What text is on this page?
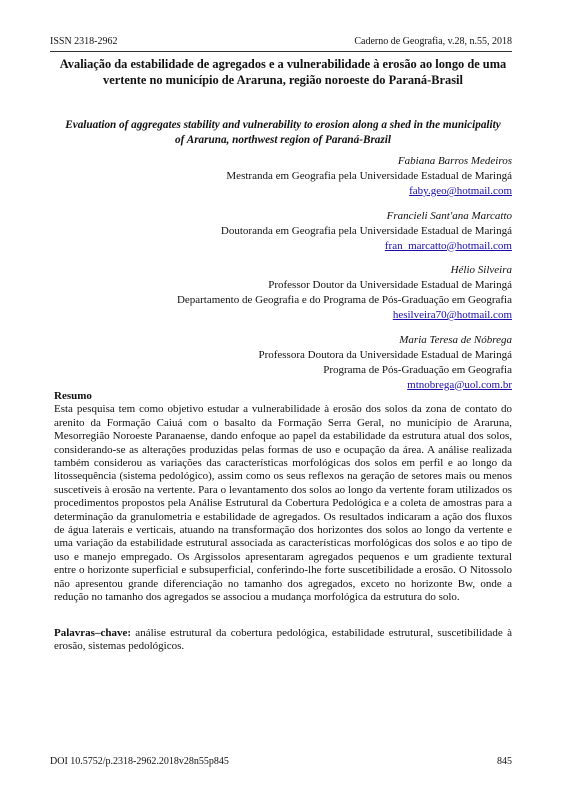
ISSN 2318-2962	Caderno de Geografia, v.28, n.55, 2018
Avaliação da estabilidade de agregados e a vulnerabilidade à erosão ao longo de uma vertente no município de Araruna, região noroeste do Paraná-Brasil
Evaluation of aggregates stability and vulnerability to erosion along a shed in the municipality of Araruna, northwest region of Paraná-Brazil
Fabiana Barros Medeiros
Mestranda em Geografia pela Universidade Estadual de Maringá
faby.geo@hotmail.com
Francieli Sant'ana Marcatto
Doutoranda em Geografia pela Universidade Estadual de Maringá
fran_marcatto@hotmail.com
Hélio Silveira
Professor Doutor da Universidade Estadual de Maringá
Departamento de Geografia e do Programa de Pós-Graduação em Geografia
hesilveira70@hotmail.com
Maria Teresa de Nóbrega
Professora Doutora da Universidade Estadual de Maringá
Programa de Pós-Graduação em Geografia
mtnobrega@uol.com.br
Resumo
Esta pesquisa tem como objetivo estudar a vulnerabilidade à erosão dos solos da zona de contato do arenito da Formação Caiuá com o basalto da Formação Serra Geral, no município de Araruna, Mesorregião Noroeste Paranaense, dando enfoque ao papel da estabilidade da estrutura atual dos solos, considerando-se as alterações produzidas pelas formas de uso e ocupação da área. A análise realizada também considerou as variações das características morfológicas dos solos em perfil e ao longo da litossequência (sistema pedológico), assim como os seus reflexos na geração de setores mais ou menos suscetíveis à erosão na vertente. Para o levantamento dos solos ao longo da vertente foram utilizados os procedimentos propostos pela Análise Estrutural da Cobertura Pedológica e a coleta de amostras para a determinação da granulometria e estabilidade de agregados. Os resultados indicaram a ação dos fluxos de água laterais e verticais, atuando na transformação dos horizontes dos solos ao longo da vertente e uma variação da estabilidade estrutural associada as características morfológicas dos solos e ao tipo de uso e manejo empregado. Os Argissolos apresentaram agregados pequenos e um gradiente textural entre o horizonte superficial e subsuperficial, conferindo-lhe forte suscetibilidade a erosão. O Nitossolo não apresentou grande diferenciação no tamanho dos agregados, exceto no horizonte Bw, onde a redução no tamanho dos agregados se associou a mudança morfológica da estrutura do solo.
Palavras–chave: análise estrutural da cobertura pedológica, estabilidade estrutural, suscetibilidade à erosão, sistemas pedológicos.
DOI 10.5752/p.2318-2962.2018v28n55p845	845
